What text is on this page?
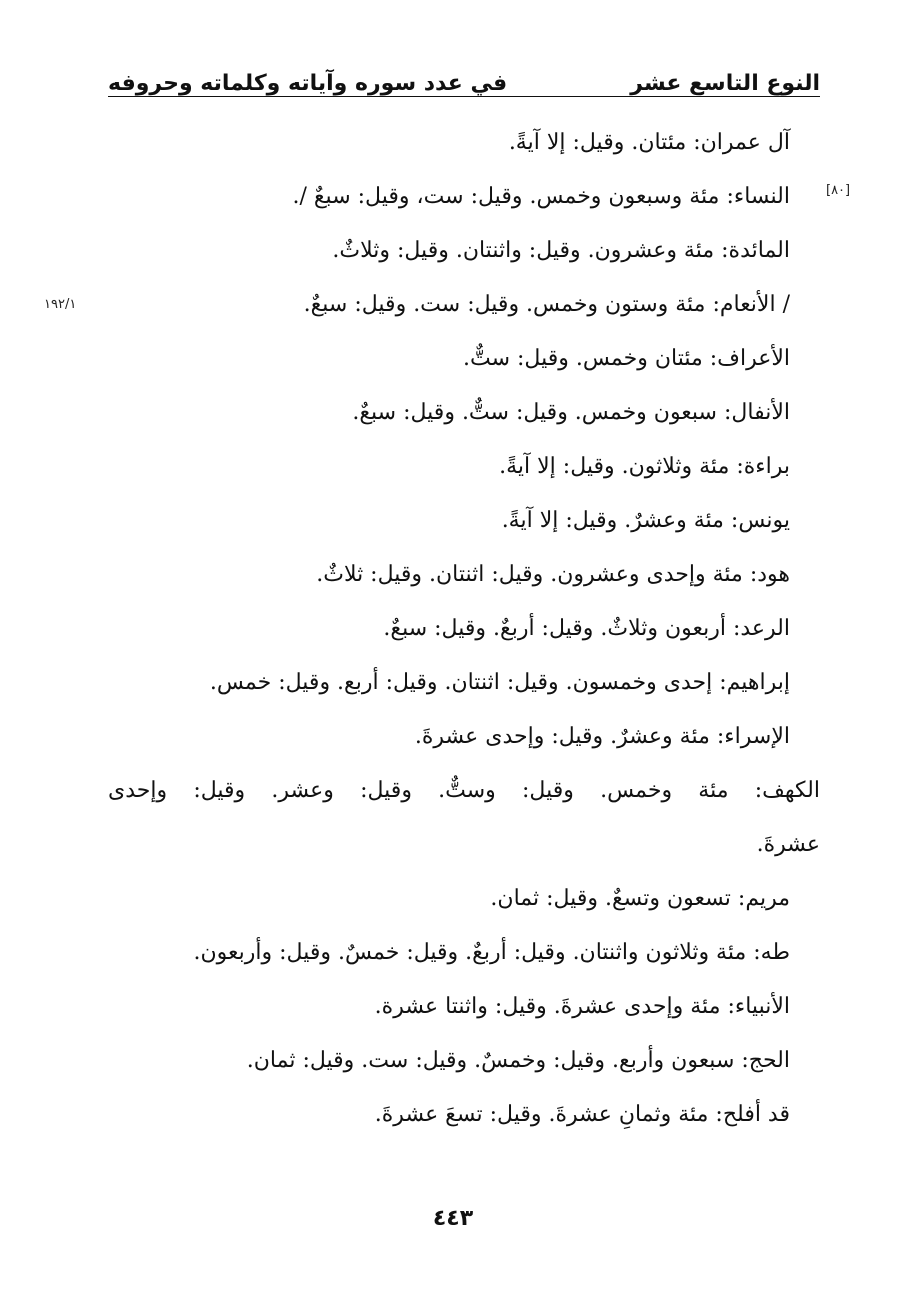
النوع التاسع عشر
في عدد سوره وآياته وكلماته وحروفه
[٨٠]
١٩٢/١
آل عمران: مئتان. وقيل: إلا آيةً.
النساء: مئة وسبعون وخمس. وقيل: ست، وقيل: سبعٌ /.
المائدة: مئة وعشرون. وقيل: واثنتان. وقيل: وثلاثٌ.
/ الأنعام: مئة وستون وخمس. وقيل: ست. وقيل: سبعٌ.
الأعراف: مئتان وخمس. وقيل: ستٌّ.
الأنفال: سبعون وخمس. وقيل: ستٌّ. وقيل: سبعٌ.
براءة: مئة وثلاثون. وقيل: إلا آيةً.
يونس: مئة وعشرٌ. وقيل: إلا آيةً.
هود: مئة وإحدى وعشرون. وقيل: اثنتان. وقيل: ثلاثٌ.
الرعد: أربعون وثلاثٌ. وقيل: أربعٌ. وقيل: سبعٌ.
إبراهيم: إحدى وخمسون. وقيل: اثنتان. وقيل: أربع. وقيل: خمس.
الإسراء: مئة وعشرٌ. وقيل: وإحدى عشرةَ.
الكهف: مئة وخمس. وقيل: وستٌّ. وقيل: وعشر. وقيل: وإحدى
عشرةَ.
مريم: تسعون وتسعٌ. وقيل: ثمان.
طه: مئة وثلاثون واثنتان. وقيل: أربعٌ. وقيل: خمسٌ. وقيل: وأربعون.
الأنبياء: مئة وإحدى عشرةَ. وقيل: واثنتا عشرة.
الحج: سبعون وأربع. وقيل: وخمسٌ. وقيل: ست. وقيل: ثمان.
قد أفلح: مئة وثمانِ عشرةَ. وقيل: تسعَ عشرةَ.
٤٤٣
